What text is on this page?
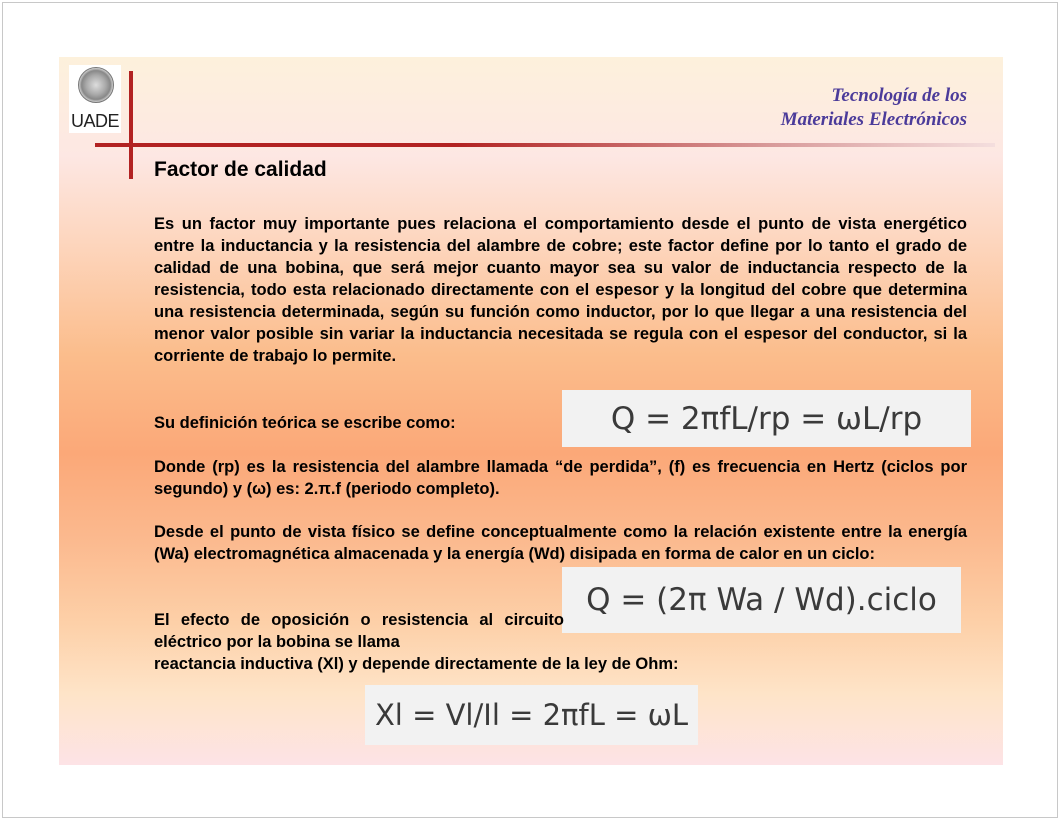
UADE
Tecnología de los
Materiales Electrónicos
Factor de calidad
Es un factor muy importante pues relaciona el comportamiento desde el punto de vista energético entre la inductancia y la resistencia del alambre de cobre; este factor define por lo tanto el grado de calidad de una bobina, que será mejor cuanto mayor sea su valor de inductancia respecto de la resistencia, todo esta relacionado directamente con el espesor y la longitud del cobre que determina una resistencia determinada, según su función como inductor, por lo que llegar a una resistencia del menor valor posible sin variar la inductancia necesitada se regula con el espesor del conductor, si la corriente de trabajo lo permite.
Su definición teórica se escribe como:	Q = 2πfL/rp = ωL/rp
Donde (rp) es la resistencia del alambre llamada “de perdida”, (f) es frecuencia en Hertz (ciclos por segundo) y (ω) es: 2.π.f (periodo completo).
Desde el punto de vista físico se define conceptualmente como la relación existente entre la energía (Wa) electromagnética almacenada y la energía (Wd) disipada en forma de calor en un ciclo:
Q = (2π Wa / Wd).ciclo
El efecto de oposición o resistencia al circuito eléctrico por la bobina se llama
reactancia inductiva (Xl) y depende directamente de la ley de Ohm:
Xl = Vl/Il = 2πfL = ωL
